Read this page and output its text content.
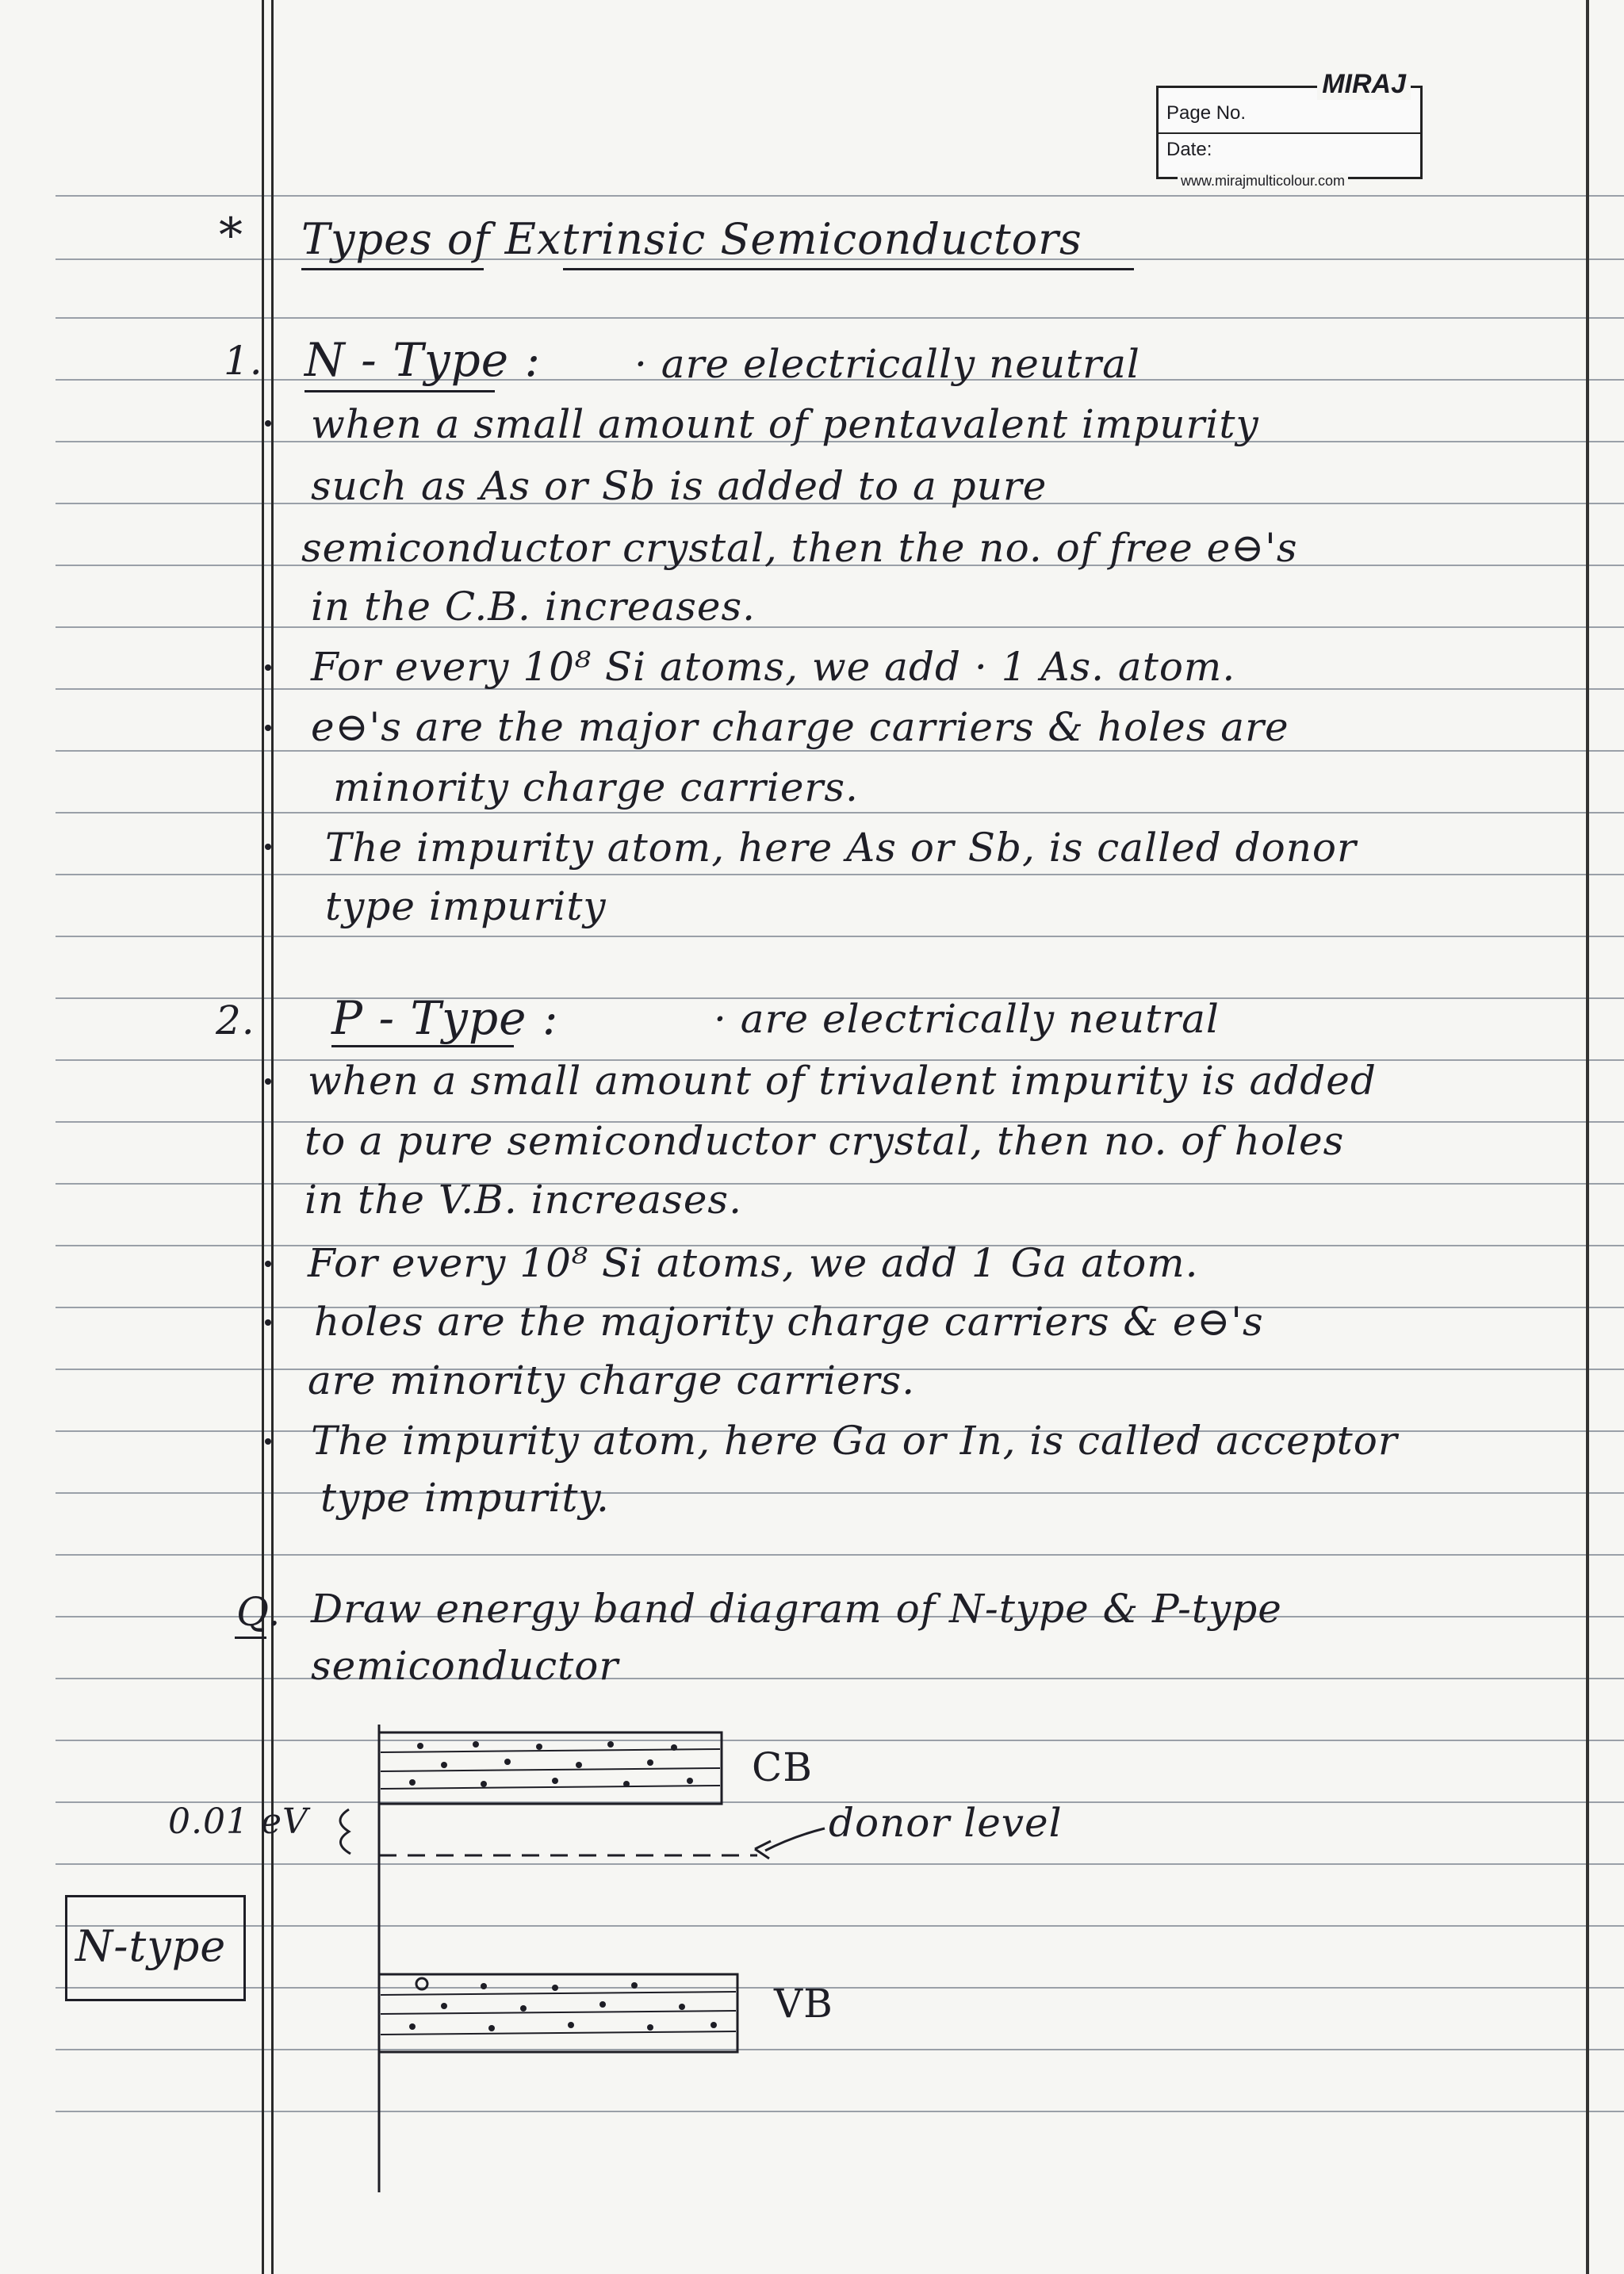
MIRAJ
Page No.
Date:
www.mirajmulticolour.com
* Types of Extrinsic Semiconductors
1. N - Type : · are electrically neutral
when a small amount of pentavalent impurity
such as As or Sb is added to a pure
semiconductor crystal, then the no. of free e⊖'s
in the C.B. increases.
For every 10⁸ Si atoms, we add · 1 As. atom.
e⊖'s are the major charge carriers & holes are
minority charge carriers.
The impurity atom, here As or Sb, is called donor
type impurity
2. P - Type :	· are electrically neutral
when a small amount of trivalent impurity is added
to a pure semiconductor crystal, then no. of holes
in the V.B. increases.
For every 10⁸ Si atoms, we add 1 Ga atom.
holes are the majority charge carriers & e⊖'s
are minority charge carriers.
The impurity atom, here Ga or In, is called acceptor
type impurity.
Q. Draw energy band diagram of N-type & P-type
semiconductor
CB
donor level
0.01 eV
VB
N-type
